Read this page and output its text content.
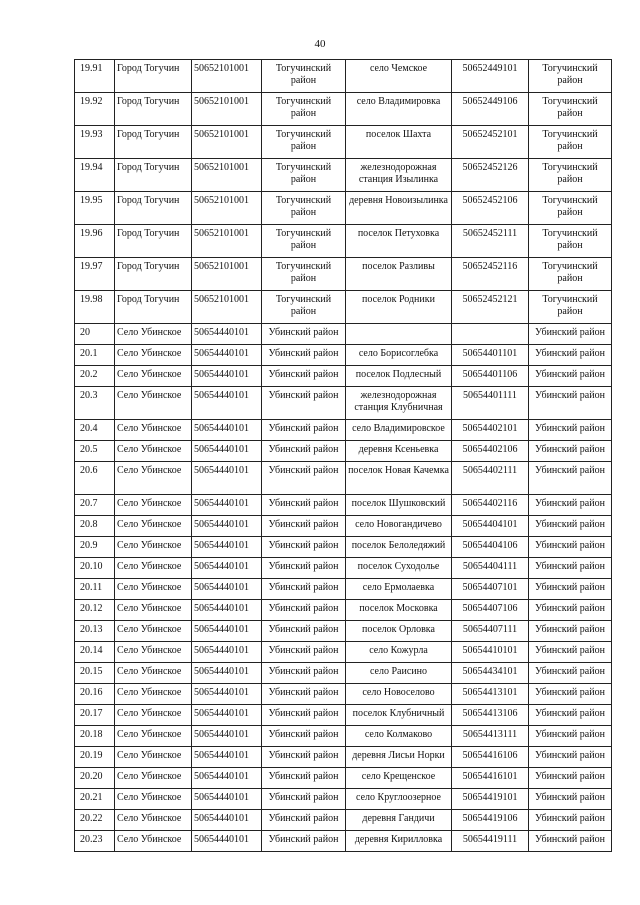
40
19.91	Город Тогучин	50652101001	Тогучинский район	село Чемское	50652449101	Тогучинский район
19.92	Город Тогучин	50652101001	Тогучинский район	село Владимировка	50652449106	Тогучинский район
19.93	Город Тогучин	50652101001	Тогучинский район	поселок Шахта	50652452101	Тогучинский район
19.94	Город Тогучин	50652101001	Тогучинский район	железнодорожная станция Изылинка	50652452126	Тогучинский район
19.95	Город Тогучин	50652101001	Тогучинский район	деревня Новоизылинка	50652452106	Тогучинский район
19.96	Город Тогучин	50652101001	Тогучинский район	поселок Петуховка	50652452111	Тогучинский район
19.97	Город Тогучин	50652101001	Тогучинский район	поселок Разливы	50652452116	Тогучинский район
19.98	Город Тогучин	50652101001	Тогучинский район	поселок Родники	50652452121	Тогучинский район
20	Село Убинское	50654440101	Убинский район			Убинский район
20.1	Село Убинское	50654440101	Убинский район	село Борисоглебка	50654401101	Убинский район
20.2	Село Убинское	50654440101	Убинский район	поселок Подлесный	50654401106	Убинский район
20.3	Село Убинское	50654440101	Убинский район	железнодорожная станция Клубничная	50654401111	Убинский район
20.4	Село Убинское	50654440101	Убинский район	село Владимировское	50654402101	Убинский район
20.5	Село Убинское	50654440101	Убинский район	деревня Ксеньевка	50654402106	Убинский район
20.6	Село Убинское	50654440101	Убинский район	поселок Новая Качемка	50654402111	Убинский район
20.7	Село Убинское	50654440101	Убинский район	поселок Шушковский	50654402116	Убинский район
20.8	Село Убинское	50654440101	Убинский район	село Новогандичево	50654404101	Убинский район
20.9	Село Убинское	50654440101	Убинский район	поселок Белоледяжий	50654404106	Убинский район
20.10	Село Убинское	50654440101	Убинский район	поселок Суходолье	50654404111	Убинский район
20.11	Село Убинское	50654440101	Убинский район	село Ермолаевка	50654407101	Убинский район
20.12	Село Убинское	50654440101	Убинский район	поселок Московка	50654407106	Убинский район
20.13	Село Убинское	50654440101	Убинский район	поселок Орловка	50654407111	Убинский район
20.14	Село Убинское	50654440101	Убинский район	село Кожурла	50654410101	Убинский район
20.15	Село Убинское	50654440101	Убинский район	село Раисино	50654434101	Убинский район
20.16	Село Убинское	50654440101	Убинский район	село Новоселово	50654413101	Убинский район
20.17	Село Убинское	50654440101	Убинский район	поселок Клубничный	50654413106	Убинский район
20.18	Село Убинское	50654440101	Убинский район	село Колмаково	50654413111	Убинский район
20.19	Село Убинское	50654440101	Убинский район	деревня Лисьи Норки	50654416106	Убинский район
20.20	Село Убинское	50654440101	Убинский район	село Крещенское	50654416101	Убинский район
20.21	Село Убинское	50654440101	Убинский район	село Круглоозерное	50654419101	Убинский район
20.22	Село Убинское	50654440101	Убинский район	деревня Гандичи	50654419106	Убинский район
20.23	Село Убинское	50654440101	Убинский район	деревня Кирилловка	50654419111	Убинский район
